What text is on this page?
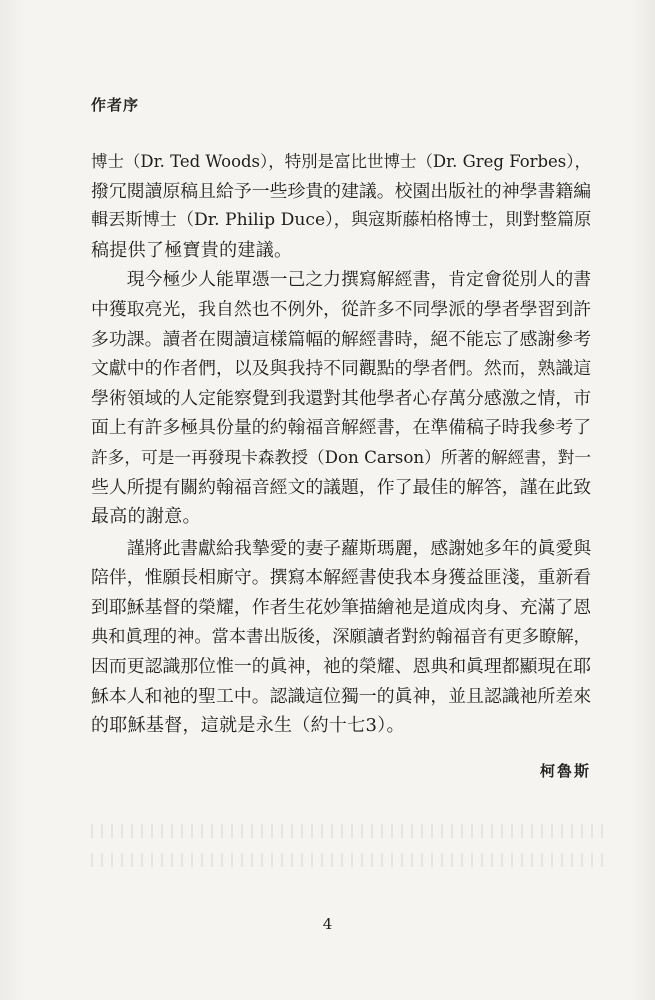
作者序

博士（Dr. Ted Woods），特別是富比世博士（Dr. Greg Forbes），
撥冗閱讀原稿且給予一些珍貴的建議。校園出版社的神學書籍編
輯丟斯博士（Dr. Philip Duce），與寇斯藤柏格博士，則對整篇原
稿提供了極寶貴的建議。

　　現今極少人能單憑一己之力撰寫解經書，肯定會從別人的書
中獲取亮光，我自然也不例外，從許多不同學派的學者學習到許
多功課。讀者在閱讀這樣篇幅的解經書時，絕不能忘了感謝參考
文獻中的作者們，以及與我持不同觀點的學者們。然而，熟識這
學術領域的人定能察覺到我還對其他學者心存萬分感激之情，市
面上有許多極具份量的約翰福音解經書，在準備稿子時我參考了
許多，可是一再發現卡森教授（Don Carson）所著的解經書，對一
些人所提有關約翰福音經文的議題，作了最佳的解答，謹在此致
最高的謝意。

　　謹將此書獻給我摯愛的妻子蘿斯瑪麗，感謝她多年的眞愛與
陪伴，惟願長相廝守。撰寫本解經書使我本身獲益匪淺，重新看
到耶穌基督的榮耀，作者生花妙筆描繪祂是道成肉身、充滿了恩
典和眞理的神。當本書出版後，深願讀者對約翰福音有更多瞭解，
因而更認識那位惟一的眞神，祂的榮耀、恩典和眞理都顯現在耶
穌本人和祂的聖工中。認識這位獨一的眞神，並且認識祂所差來
的耶穌基督，這就是永生（約十七3）。

柯魯斯
4
